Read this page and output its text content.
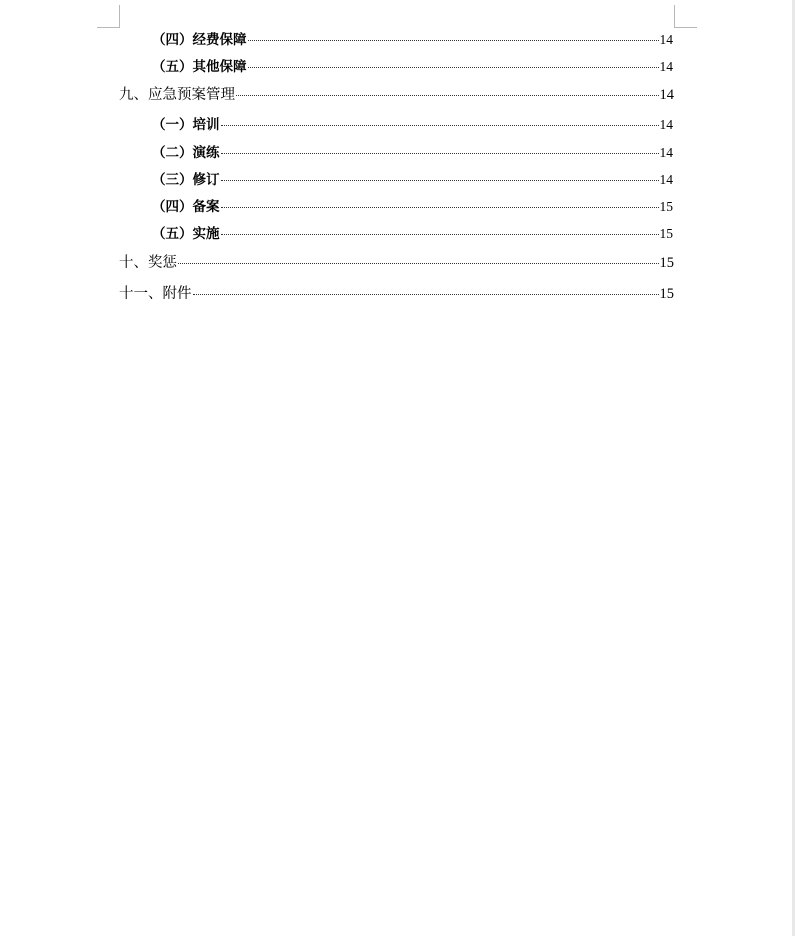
（四）经费保障	14
（五）其他保障	14
九、应急预案管理	14
（一）培训	14
（二）演练	14
（三）修订	14
（四）备案	15
（五）实施	15
十、奖惩	15
十一、附件	15
